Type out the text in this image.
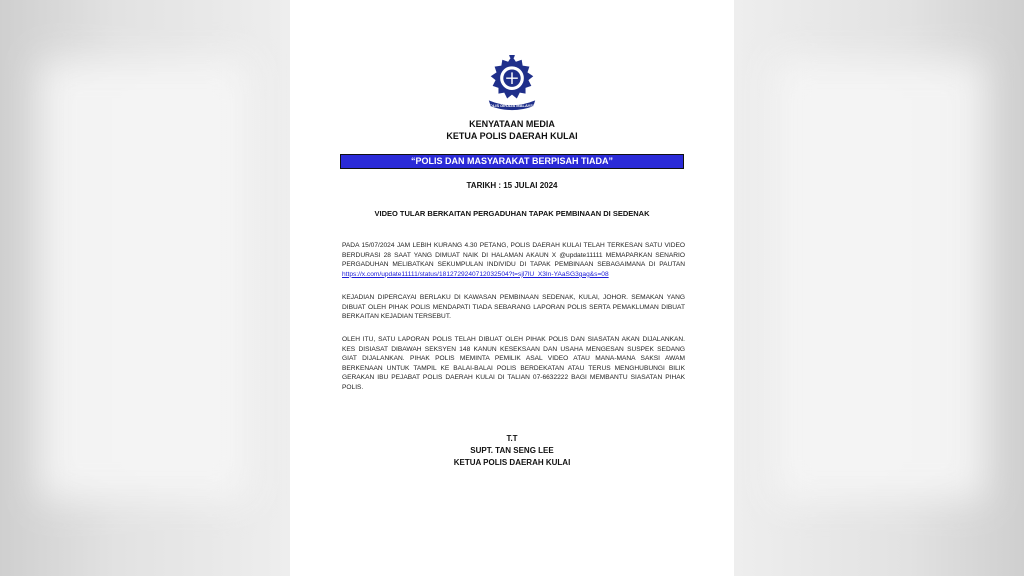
POLIS DIRAJA MALAYSIA
KENYATAAN MEDIA
KETUA POLIS DAERAH KULAI
“POLIS DAN MASYARAKAT BERPISAH TIADA”
TARIKH : 15 JULAI 2024
VIDEO TULAR BERKAITAN PERGADUHAN TAPAK PEMBINAAN DI SEDENAK
PADA 15/07/2024 JAM LEBIH KURANG 4.30 PETANG, POLIS DAERAH KULAI TELAH TERKESAN SATU VIDEO BERDURASI 28 SAAT YANG DIMUAT NAIK DI HALAMAN AKAUN X @update11111 MEMAPARKAN SENARIO PERGADUHAN MELIBATKAN SEKUMPULAN INDIVIDU DI TAPAK PEMBINAAN SEBAGAIMANA DI PAUTAN https://x.com/update11111/status/1812729240712032504?t=sjl7lU_X3In-YAaSG3gag&s=08
KEJADIAN DIPERCAYAI BERLAKU DI KAWASAN PEMBINAAN SEDENAK, KULAI, JOHOR. SEMAKAN YANG DIBUAT OLEH PIHAK POLIS MENDAPATI TIADA SEBARANG LAPORAN POLIS SERTA PEMAKLUMAN DIBUAT BERKAITAN KEJADIAN TERSEBUT.
OLEH ITU, SATU LAPORAN POLIS TELAH DIBUAT OLEH PIHAK POLIS DAN SIASATAN AKAN DIJALANKAN. KES DISIASAT DIBAWAH SEKSYEN 148 KANUN KESEKSAAN DAN USAHA MENGESAN SUSPEK SEDANG GIAT DIJALANKAN. PIHAK POLIS MEMINTA PEMILIK ASAL VIDEO ATAU MANA-MANA SAKSI AWAM BERKENAAN UNTUK TAMPIL KE BALAI-BALAI POLIS BERDEKATAN ATAU TERUS MENGHUBUNGI BILIK GERAKAN IBU PEJABAT POLIS DAERAH KULAI DI TALIAN 07-6632222 BAGI MEMBANTU SIASATAN PIHAK POLIS.
T.T
SUPT. TAN SENG LEE
KETUA POLIS DAERAH KULAI
